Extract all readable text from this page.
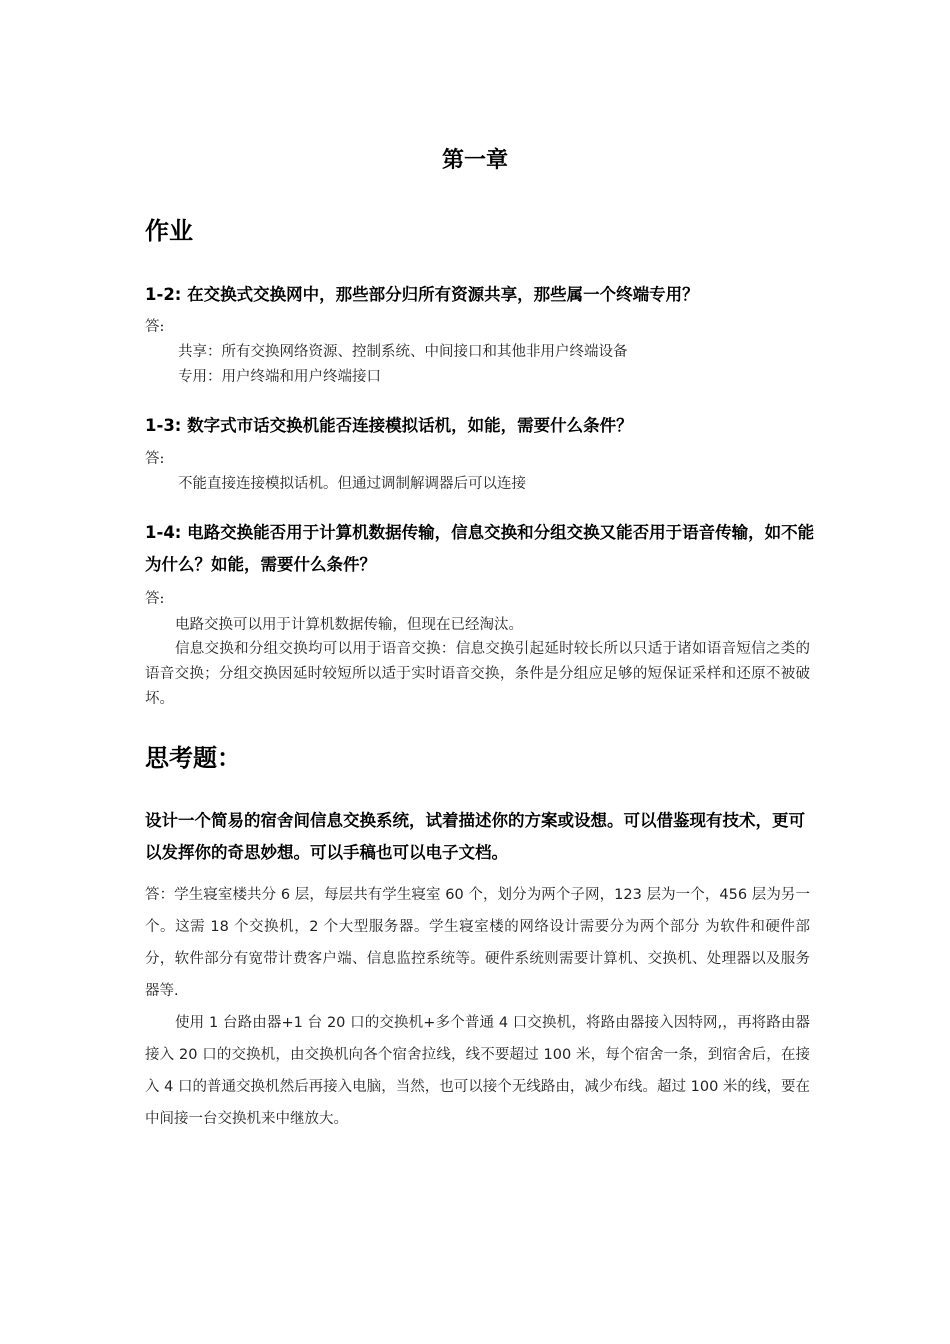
第一章
作业
1-2: 在交换式交换网中，那些部分归所有资源共享，那些属一个终端专用？
答:
共享：所有交换网络资源、控制系统、中间接口和其他非用户终端设备
专用：用户终端和用户终端接口
1-3: 数字式市话交换机能否连接模拟话机，如能，需要什么条件？
答:
不能直接连接模拟话机。但通过调制解调器后可以连接
1-4: 电路交换能否用于计算机数据传输，信息交换和分组交换又能否用于语音传输，如不能为什么？如能，需要什么条件？
答:
电路交换可以用于计算机数据传输，但现在已经淘汰。
信息交换和分组交换均可以用于语音交换：信息交换引起延时较长所以只适于诸如语音短信之类的语音交换；分组交换因延时较短所以适于实时语音交换，条件是分组应足够的短保证采样和还原不被破坏。
思考题：
设计一个简易的宿舍间信息交换系统，试着描述你的方案或设想。可以借鉴现有技术，更可以发挥你的奇思妙想。可以手稿也可以电子文档。
答：学生寝室楼共分 6 层，每层共有学生寝室 60 个，划分为两个子网，123 层为一个，456 层为另一个。这需 18 个交换机，2 个大型服务器。学生寝室楼的网络设计需要分为两个部分 为软件和硬件部分，软件部分有宽带计费客户端、信息监控系统等。硬件系统则需要计算机、交换机、处理器以及服务器等.
使用 1 台路由器+1 台 20 口的交换机+多个普通 4 口交换机，将路由器接入因特网,，再将路由器接入 20 口的交换机，由交换机向各个宿舍拉线，线不要超过 100 米，每个宿舍一条，到宿舍后，在接入 4 口的普通交换机然后再接入电脑，当然，也可以接个无线路由，减少布线。超过 100 米的线，要在中间接一台交换机来中继放大。
